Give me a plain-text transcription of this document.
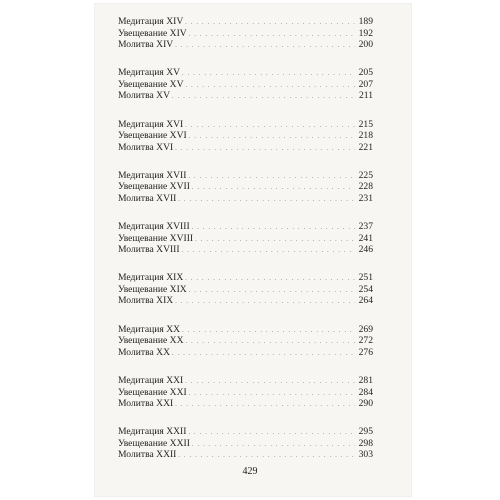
Медитация XIV . . .	189
Увещевание XIV . . .	192
Молитва XIV . . .	200
Медитация XV . . .	205
Увещевание XV . . .	207
Молитва XV . . .	211
Медитация XVI . . .	215
Увещевание XVI . . .	218
Молитва XVI . . .	221
Медитация XVII . . .	225
Увещевание XVII . . .	228
Молитва XVII . . .	231
Медитация XVIII . . .	237
Увещевание XVIII . . .	241
Молитва XVIII . . .	246
Медитация XIX . . .	251
Увещевание XIX . . .	254
Молитва XIX . . .	264
Медитация XX . . .	269
Увещевание XX . . .	272
Молитва XX . . .	276
Медитация XXI . . .	281
Увещевание XXI . . .	284
Молитва XXI . . .	290
Медитация XXII . . .	295
Увещевание XXII . . .	298
Молитва XXII . . .	303
429
